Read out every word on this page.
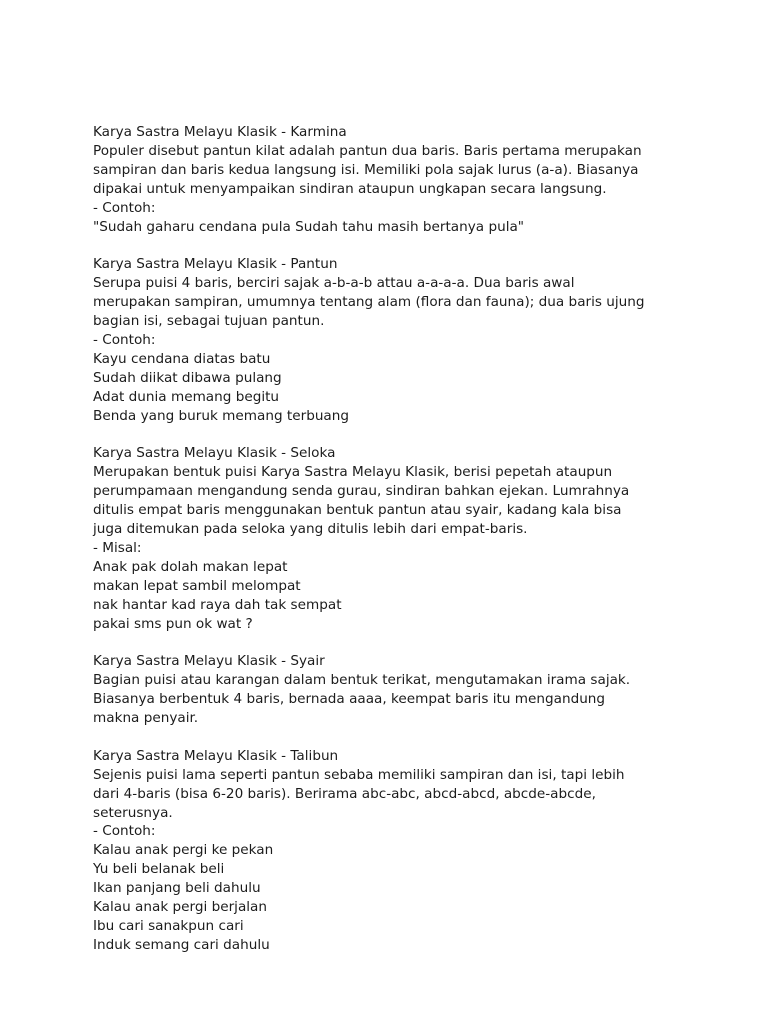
Karya Sastra Melayu Klasik - Karmina
Populer disebut pantun kilat adalah pantun dua baris. Baris pertama merupakan
sampiran dan baris kedua langsung isi. Memiliki pola sajak lurus (a-a). Biasanya
dipakai untuk menyampaikan sindiran ataupun ungkapan secara langsung.
- Contoh:
"Sudah gaharu cendana pula Sudah tahu masih bertanya pula"
Karya Sastra Melayu Klasik - Pantun
Serupa puisi 4 baris, berciri sajak a-b-a-b attau a-a-a-a. Dua baris awal
merupakan sampiran, umumnya tentang alam (flora dan fauna); dua baris ujung
bagian isi, sebagai tujuan pantun.
- Contoh:
Kayu cendana diatas batu
Sudah diikat dibawa pulang
Adat dunia memang begitu
Benda yang buruk memang terbuang
Karya Sastra Melayu Klasik - Seloka
Merupakan bentuk puisi Karya Sastra Melayu Klasik, berisi pepetah ataupun
perumpamaan mengandung senda gurau, sindiran bahkan ejekan. Lumrahnya
ditulis empat baris menggunakan bentuk pantun atau syair, kadang kala bisa
juga ditemukan pada seloka yang ditulis lebih dari empat-baris.
- Misal:
Anak pak dolah makan lepat
makan lepat sambil melompat
nak hantar kad raya dah tak sempat
pakai sms pun ok wat ?
Karya Sastra Melayu Klasik - Syair
Bagian puisi atau karangan dalam bentuk terikat, mengutamakan irama sajak.
Biasanya berbentuk 4 baris, bernada aaaa, keempat baris itu mengandung
makna penyair.
Karya Sastra Melayu Klasik - Talibun
Sejenis puisi lama seperti pantun sebaba memiliki sampiran dan isi, tapi lebih
dari 4-baris (bisa 6-20 baris). Berirama abc-abc, abcd-abcd, abcde-abcde,
seterusnya.
- Contoh:
Kalau anak pergi ke pekan
Yu beli belanak beli
Ikan panjang beli dahulu
Kalau anak pergi berjalan
Ibu cari sanakpun cari
Induk semang cari dahulu
